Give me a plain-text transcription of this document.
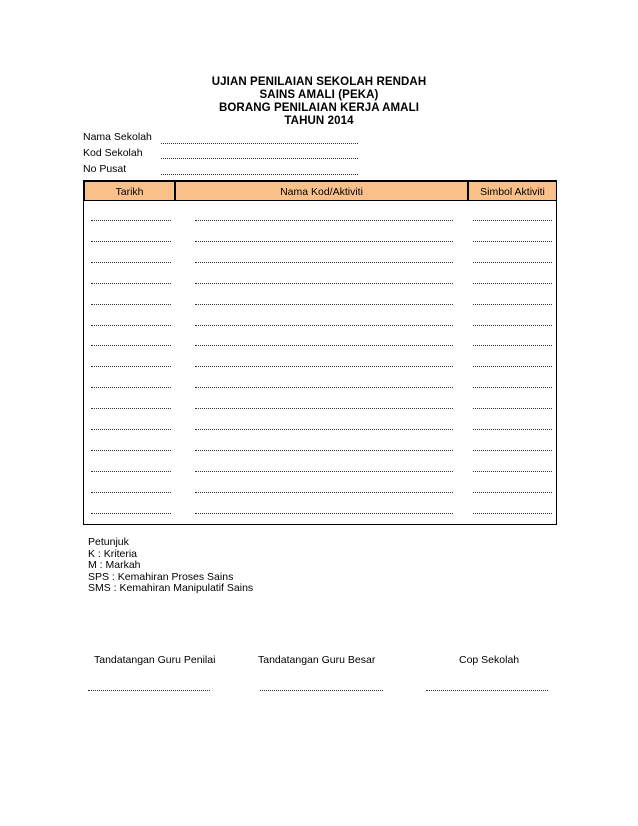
UJIAN PENILAIAN SEKOLAH RENDAH
SAINS AMALI (PEKA)
BORANG PENILAIAN KERJA AMALI
TAHUN 2014
Nama Sekolah
Kod Sekolah
No Pusat
Tarikh	Nama Kod/Aktiviti	Simbol Aktiviti
Petunjuk
K : Kriteria
M : Markah
SPS : Kemahiran Proses Sains
SMS : Kemahiran Manipulatif Sains
Tandatangan Guru Penilai	Tandatangan Guru Besar	Cop Sekolah
